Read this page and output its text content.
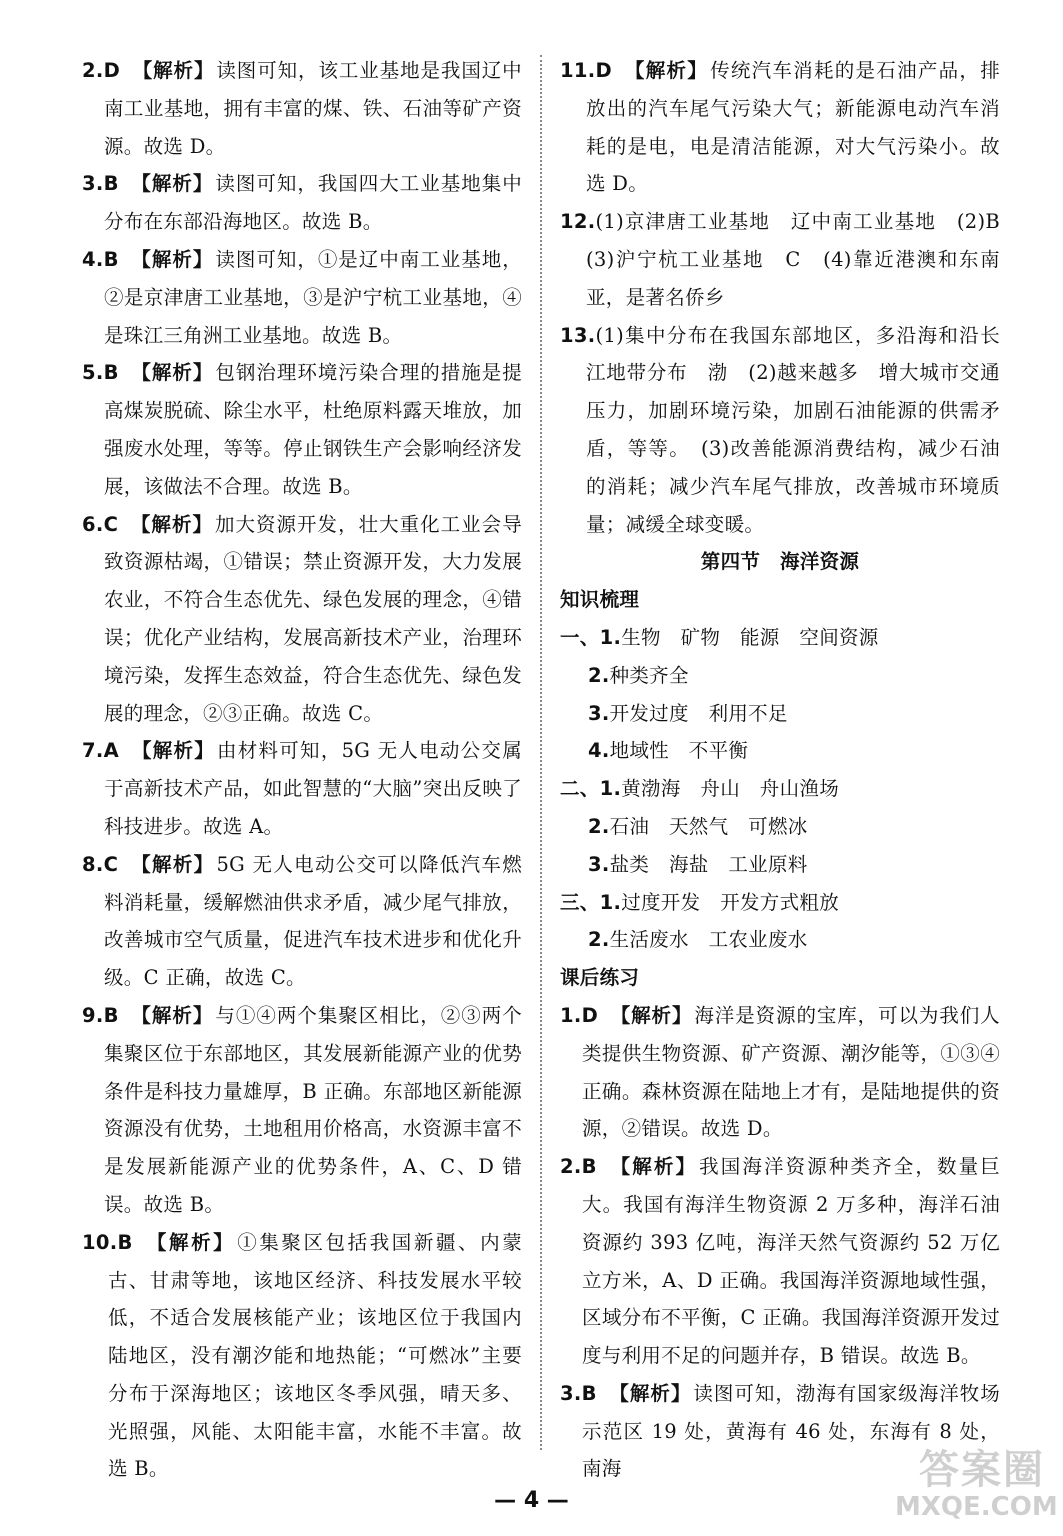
2.D 【解析】 读图可知，该工业基地是我国辽中南工业基地，拥有丰富的煤、铁、石油等矿产资源。故选 D。
3.B 【解析】 读图可知，我国四大工业基地集中分布在东部沿海地区。故选 B。
4.B 【解析】 读图可知，①是辽中南工业基地，②是京津唐工业基地，③是沪宁杭工业基地，④是珠江三角洲工业基地。故选 B。
5.B 【解析】 包钢治理环境污染合理的措施是提高煤炭脱硫、除尘水平，杜绝原料露天堆放，加强废水处理，等等。停止钢铁生产会影响经济发展，该做法不合理。故选 B。
6.C 【解析】 加大资源开发，壮大重化工业会导致资源枯竭，①错误；禁止资源开发，大力发展农业，不符合生态优先、绿色发展的理念，④错误；优化产业结构，发展高新技术产业，治理环境污染，发挥生态效益，符合生态优先、绿色发展的理念，②③正确。故选 C。
7.A 【解析】 由材料可知，5G 无人电动公交属于高新技术产品，如此智慧的“大脑”突出反映了科技进步。故选 A。
8.C 【解析】 5G 无人电动公交可以降低汽车燃料消耗量，缓解燃油供求矛盾，减少尾气排放，改善城市空气质量，促进汽车技术进步和优化升级。C 正确，故选 C。
9.B 【解析】 与①④两个集聚区相比，②③两个集聚区位于东部地区，其发展新能源产业的优势条件是科技力量雄厚，B 正确。东部地区新能源资源没有优势，土地租用价格高，水资源丰富不是发展新能源产业的优势条件，A、C、D 错误。故选 B。
10.B 【解析】 ①集聚区包括我国新疆、内蒙古、甘肃等地，该地区经济、科技发展水平较低，不适合发展核能产业；该地区位于我国内陆地区，没有潮汐能和地热能；“可燃冰”主要分布于深海地区；该地区冬季风强，晴天多、光照强，风能、太阳能丰富，水能不丰富。故选 B。
11.D 【解析】 传统汽车消耗的是石油产品，排放出的汽车尾气污染大气；新能源电动汽车消耗的是电，电是清洁能源，对大气污染小。故选 D。
12.(1)京津唐工业基地　辽中南工业基地　(2)B　(3)沪宁杭工业基地　C　(4)靠近港澳和东南亚，是著名侨乡
13.(1)集中分布在我国东部地区，多沿海和沿长江地带分布　渤　(2)越来越多　增大城市交通压力，加剧环境污染，加剧石油能源的供需矛盾，等等。　(3)改善能源消费结构，减少石油的消耗；减少汽车尾气排放，改善城市环境质量；减缓全球变暖。
第四节　海洋资源
知识梳理
一、1.生物　矿物　能源　空间资源
2.种类齐全
3.开发过度　利用不足
4.地域性　不平衡
二、1.黄渤海　舟山　舟山渔场
2.石油　天然气　可燃冰
3.盐类　海盐　工业原料
三、1.过度开发　开发方式粗放
2.生活废水　工农业废水
课后练习
1.D 【解析】 海洋是资源的宝库，可以为我们人类提供生物资源、矿产资源、潮汐能等，①③④正确。森林资源在陆地上才有，是陆地提供的资源，②错误。故选 D。
2.B 【解析】 我国海洋资源种类齐全，数量巨大。我国有海洋生物资源 2 万多种，海洋石油资源约 393 亿吨，海洋天然气资源约 52 万亿立方米，A、D 正确。我国海洋资源地域性强，区域分布不平衡，C 正确。我国海洋资源开发过度与利用不足的问题并存，B 错误。故选 B。
3.B 【解析】 读图可知，渤海有国家级海洋牧场示范区 19 处，黄海有 46 处，东海有 8 处，南海
— 4 —
答案圈
MXQE.COM
